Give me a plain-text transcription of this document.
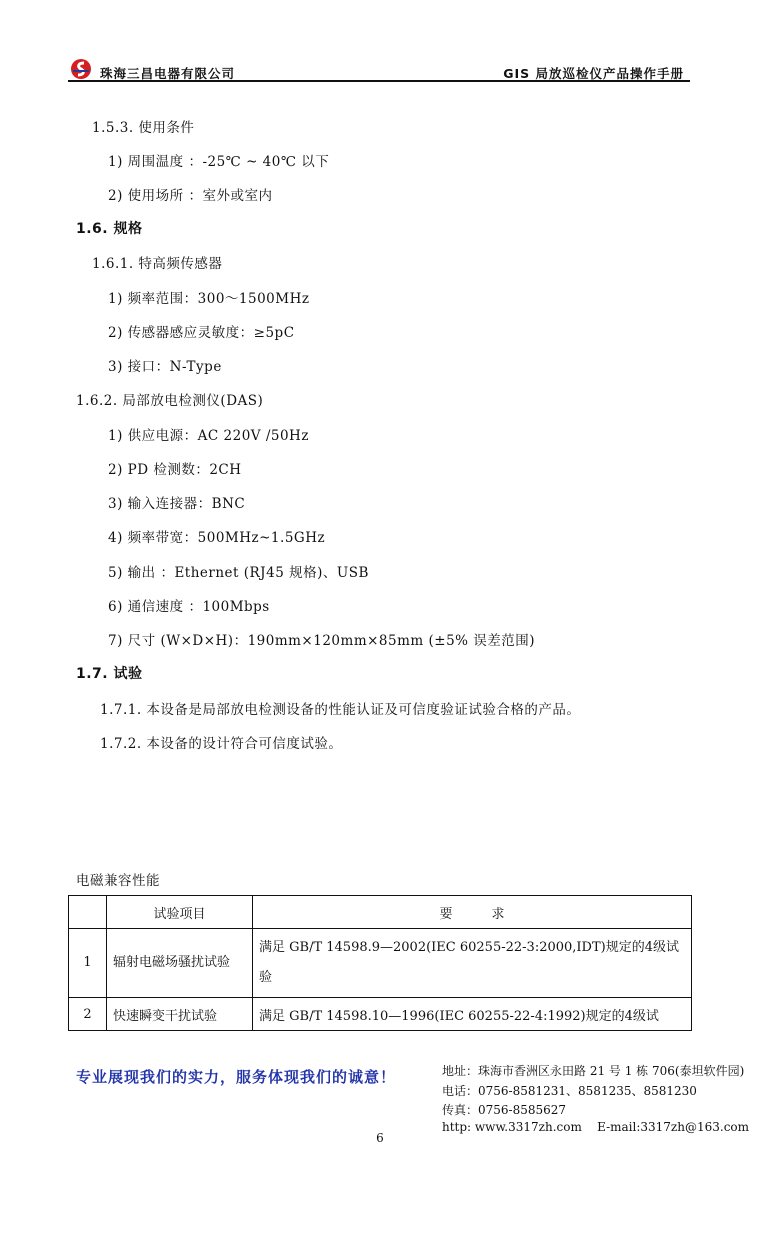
珠海三昌电器有限公司	GIS 局放巡检仪产品操作手册
1.5.3. 使用条件
1) 周围温度 ：-25℃ ~ 40℃ 以下
2) 使用场所 ：室外或室内
1.6. 规格
1.6.1. 特高频传感器
1) 频率范围：300～1500MHz
2) 传感器感应灵敏度：≥5pC
3) 接口：N-Type
1.6.2. 局部放电检测仪(DAS)
1) 供应电源：AC 220V /50Hz
2) PD 检测数：2CH
3) 输入连接器：BNC
4) 频率带宽：500MHz~1.5GHz
5) 输出 ：Ethernet (RJ45 规格)、USB
6) 通信速度 ：100Mbps
7) 尺寸 (W×D×H)：190mm×120mm×85mm (±5% 误差范围)
1.7. 试验
1.7.1. 本设备是局部放电检测设备的性能认证及可信度验证试验合格的产品。
1.7.2. 本设备的设计符合可信度试验。
电磁兼容性能
	试验项目	要　　　求
1	辐射电磁场骚扰试验	满足 GB/T 14598.9—2002(IEC 60255-22-3:2000,IDT)规定的4级试验
2	快速瞬变干扰试验	满足 GB/T 14598.10—1996(IEC 60255-22-4:1992)规定的4级试
专业展现我们的实力，服务体现我们的诚意！	地址：珠海市香洲区永田路 21 号 1 栋 706(泰坦软件园)
电话：0756-8581231、8581235、8581230
传真：0756-8585627
http: www.3317zh.com    E-mail:3317zh@163.com
6
